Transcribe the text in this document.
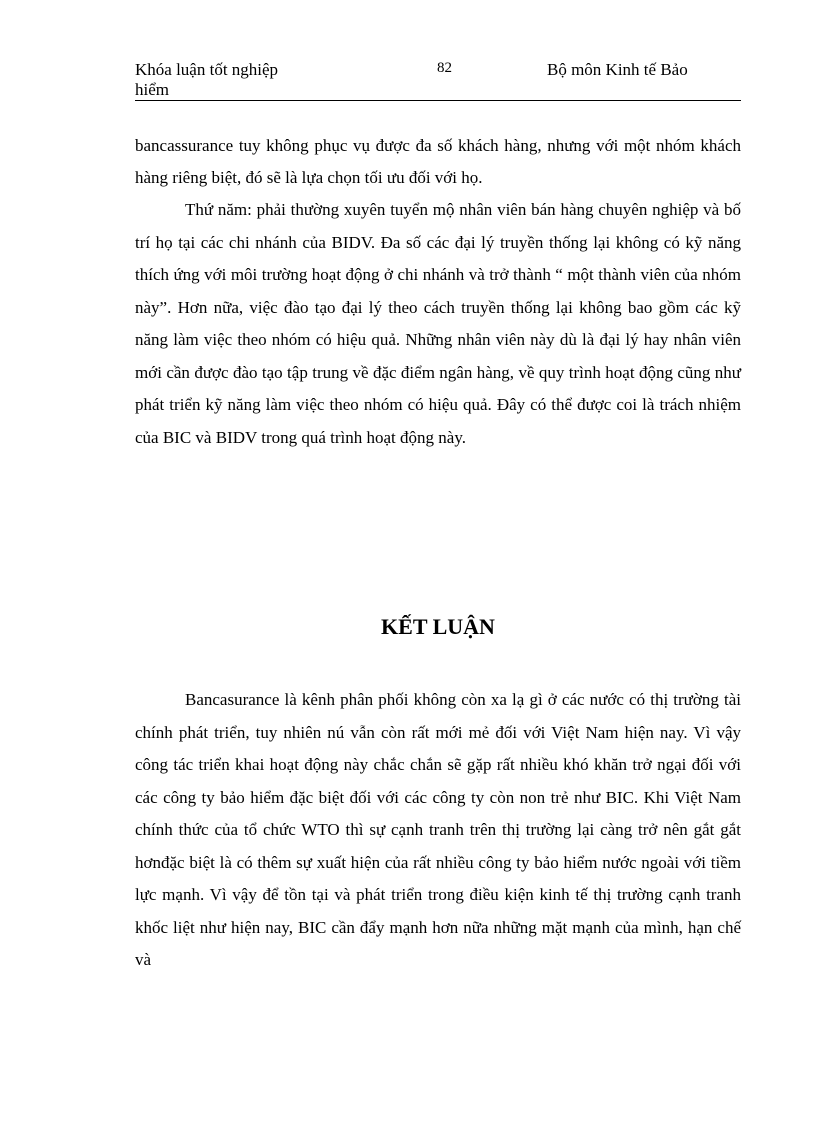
Khóa luận tốt nghiệp hiểm
82	Bộ môn Kinh tế Bảo

bancassurance tuy không phục vụ được đa số khách hàng, nhưng với một nhóm khách hàng riêng biệt, đó sẽ là lựa chọn tối ưu đối với họ.

Thứ năm: phải thường xuyên tuyển mộ nhân viên bán hàng chuyên nghiệp và bố trí họ tại các chi nhánh của BIDV. Đa số các đại lý truyền thống lại không có kỹ năng thích ứng với môi trường hoạt động ở chi nhánh và trở thành “ một thành viên của nhóm này”. Hơn nữa, việc đào tạo đại lý theo cách truyền thống lại không bao gồm các kỹ năng làm việc theo nhóm có hiệu quả. Những nhân viên này dù là đại lý hay nhân viên mới cần được đào tạo tập trung về đặc điểm ngân hàng, về quy trình hoạt động cũng như phát triển kỹ năng làm việc theo nhóm có hiệu quả. Đây có thể được coi là trách nhiệm của BIC và BIDV trong quá trình hoạt động này.

KẾT LUẬN

Bancasurance là kênh phân phối không còn xa lạ gì ở các nước có thị trường tài chính phát triển, tuy nhiên nú vẫn còn rất mới mẻ đối với Việt Nam hiện nay. Vì vậy công tác triển khai hoạt động này chắc chắn sẽ gặp rất nhiều khó khăn trở ngại đối với các công ty bảo hiểm đặc biệt đối với các công ty còn non trẻ như BIC. Khi Việt Nam chính thức của tổ chức WTO thì sự cạnh tranh trên thị trường lại càng trở nên gắt gắt hơnđặc biệt là có thêm sự xuất hiện của rất nhiều công ty bảo hiểm nước ngoài với tiềm lực mạnh. Vì vậy để tồn tại và phát triển trong điều kiện kinh tế thị trường cạnh tranh khốc liệt như hiện nay, BIC cần đẩy mạnh hơn nữa những mặt mạnh của mình, hạn chế và
